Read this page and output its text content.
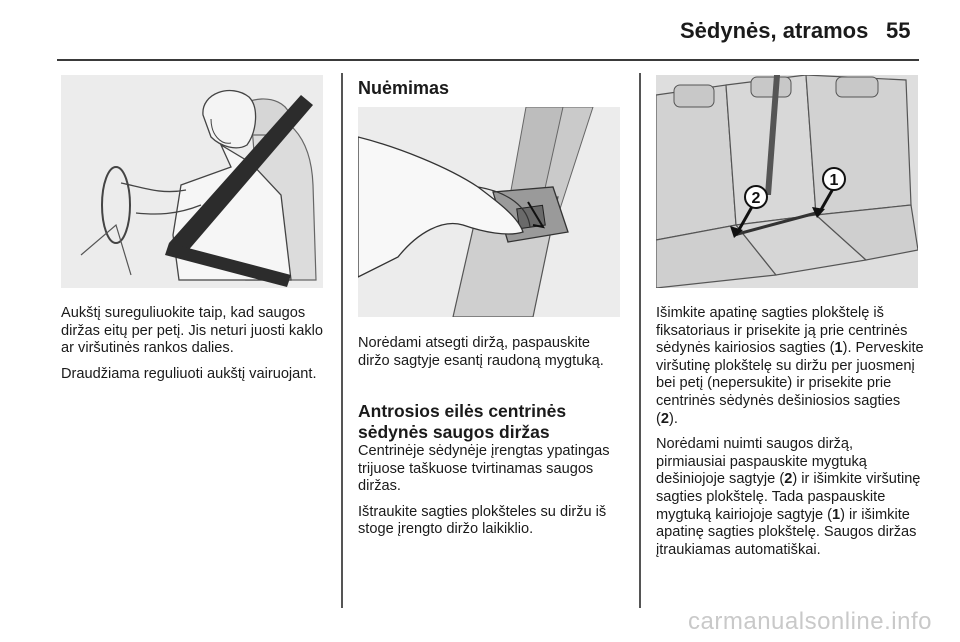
Sėdynės, atramos 55

Aukštį sureguliuokite taip, kad saugos diržas eitų per petį. Jis neturi juosti kaklo ar viršutinės rankos dalies.

Draudžiama reguliuoti aukštį vairuojant.

Nuėmimas

Norėdami atsegti diržą, paspauskite diržo sagtyje esantį raudoną mygtuką.

Antrosios eilės centrinės sėdynės saugos diržas

Centrinėje sėdynėje įrengtas ypatingas trijuose taškuose tvirtinamas saugos diržas.

Ištraukite sagties plokšteles su diržu iš stoge įrengto diržo laikiklio.

1
2

Išimkite apatinę sagties plokštelę iš fiksatoriaus ir prisekite ją prie centrinės sėdynės kairiosios sagties (1). Perveskite viršutinę plokštelę su diržu per juosmenį bei petį (nepersukite) ir prisekite prie centrinės sėdynės dešiniosios sagties (2).

Norėdami nuimti saugos diržą, pirmiausiai paspauskite mygtuką dešiniojoje sagtyje (2) ir išimkite viršutinę sagties plokštelę. Tada paspauskite mygtuką kairiojoje sagtyje (1) ir išimkite apatinę sagties plokštelę. Saugos diržas įtraukiamas automatiškai.

carmanualsonline.info
